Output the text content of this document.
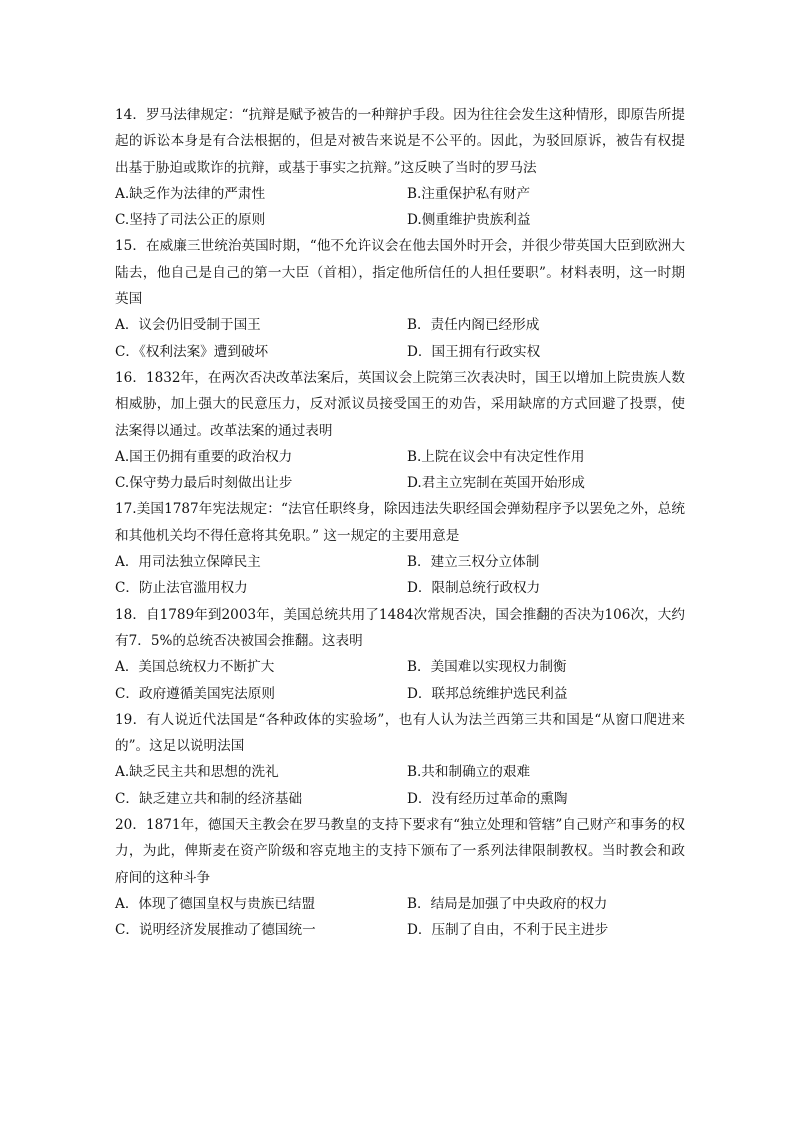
14．罗马法律规定：“抗辩是赋予被告的一种辩护手段。因为往往会发生这种情形，即原告所提起的诉讼本身是有合法根据的，但是对被告来说是不公平的。因此，为驳回原诉，被告有权提出基于胁迫或欺诈的抗辩，或基于事实之抗辩。”这反映了当时的罗马法

A.缺乏作为法律的严肃性	B.注重保护私有财产
C.坚持了司法公正的原则	D.侧重维护贵族利益

15．在威廉三世统治英国时期，“他不允许议会在他去国外时开会，并很少带英国大臣到欧洲大陆去，他自己是自己的第一大臣（首相），指定他所信任的人担任要职”。材料表明，这一时期英国

A．议会仍旧受制于国王	B．责任内阁已经形成
C．《权利法案》遭到破坏	D．国王拥有行政实权

16．1832年，在两次否决改革法案后，英国议会上院第三次表决时，国王以增加上院贵族人数相威胁，加上强大的民意压力，反对派议员接受国王的劝告，采用缺席的方式回避了投票，使法案得以通过。改革法案的通过表明

A.国王仍拥有重要的政治权力	B.上院在议会中有决定性作用
C.保守势力最后时刻做出让步	D.君主立宪制在英国开始形成

17.美国1787年宪法规定：“法官任职终身，除因违法失职经国会弹劾程序予以罢免之外，总统和其他机关均不得任意将其免职。” 这一规定的主要用意是

A．用司法独立保障民主	B．建立三权分立体制
C．防止法官滥用权力	D．限制总统行政权力

18．自1789年到2003年，美国总统共用了1484次常规否决，国会推翻的否决为106次，大约有7．5%的总统否决被国会推翻。这表明

A．美国总统权力不断扩大	B．美国难以实现权力制衡
C．政府遵循美国宪法原则	D．联邦总统维护选民利益

19．有人说近代法国是“各种政体的实验场”，也有人认为法兰西第三共和国是“从窗口爬进来的”。这足以说明法国

A.缺乏民主共和思想的洗礼	B.共和制确立的艰难
C．缺乏建立共和制的经济基础	D．没有经历过革命的熏陶

20．1871年，德国天主教会在罗马教皇的支持下要求有“独立处理和管辖”自己财产和事务的权力，为此，俾斯麦在资产阶级和容克地主的支持下颁布了一系列法律限制教权。当时教会和政府间的这种斗争

A．体现了德国皇权与贵族已结盟	B．结局是加强了中央政府的权力
C．说明经济发展推动了德国统一	D．压制了自由，不利于民主进步
